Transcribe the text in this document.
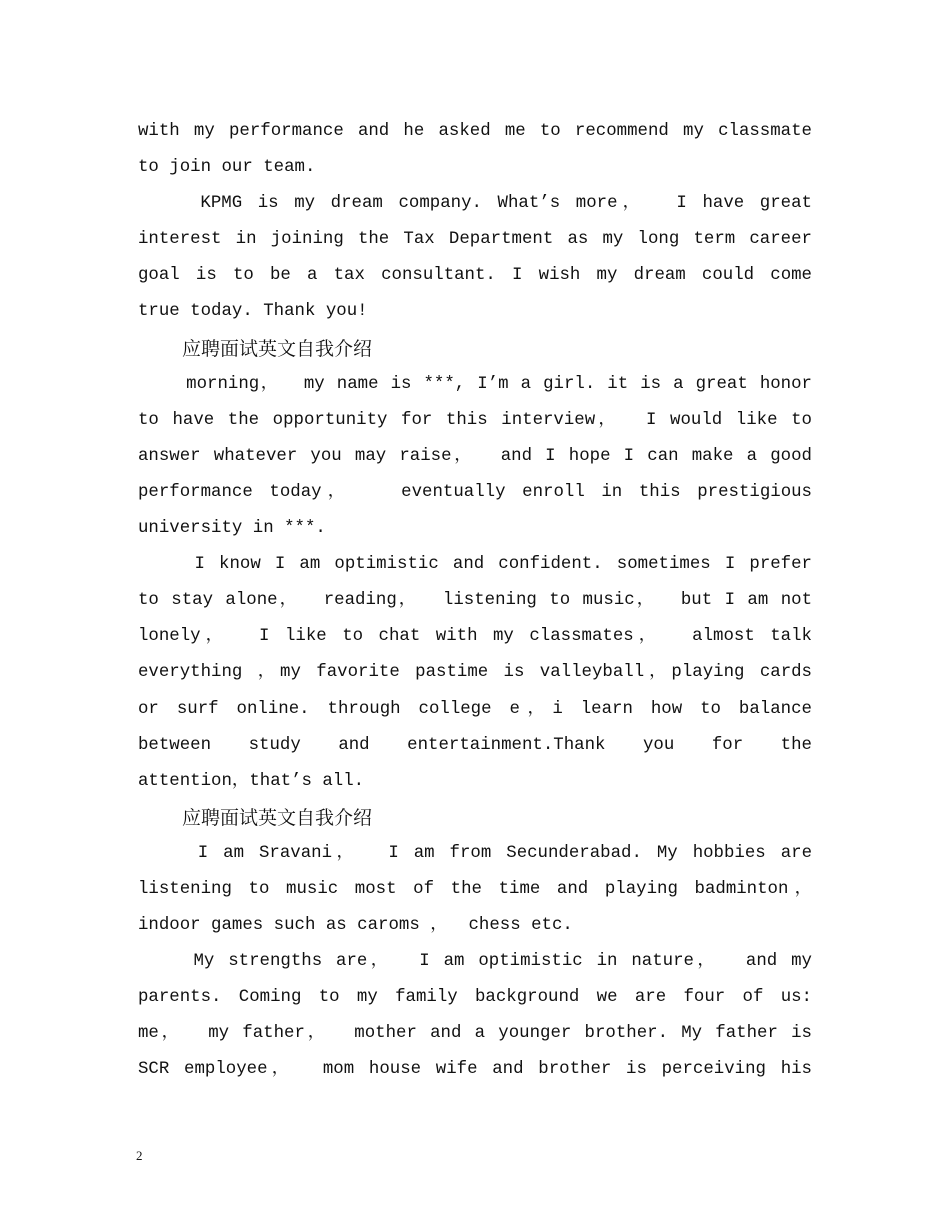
with my performance and he asked me to recommend my classmate
to join our team.
KPMG is my dream company. What’s more，  I have great
interest in joining the Tax Department as my long term career
goal is to be a tax consultant. I wish my dream could come
true today. Thank you!
应聘面试英文自我介绍
morning，  my name is ***, I’m a girl. it is a great honor
to have the opportunity for this interview，  I would like to
answer whatever you may raise，  and I hope I can make a good
performance today，   eventually enroll in this prestigious
university in ***.
I know I am optimistic and confident. sometimes I prefer
to stay alone，  reading，  listening to music，  but I am not
lonely，  I like to chat with my classmates，  almost talk
everything ，my favorite pastime is valleyball，playing cards
or surf online. through college e，i learn how to balance
between study and entertainment.Thank you for the
attention，that’s all.
应聘面试英文自我介绍
I am Sravani，  I am from Secunderabad. My hobbies are
listening to music most of the time and playing badminton，
indoor games such as caroms ，  chess etc.
My strengths are，  I am optimistic in nature，  and my
parents. Coming to my family background we are four of us:
me，  my father，  mother and a younger brother. My father is
SCR employee，  mom house wife and brother is perceiving his
2
